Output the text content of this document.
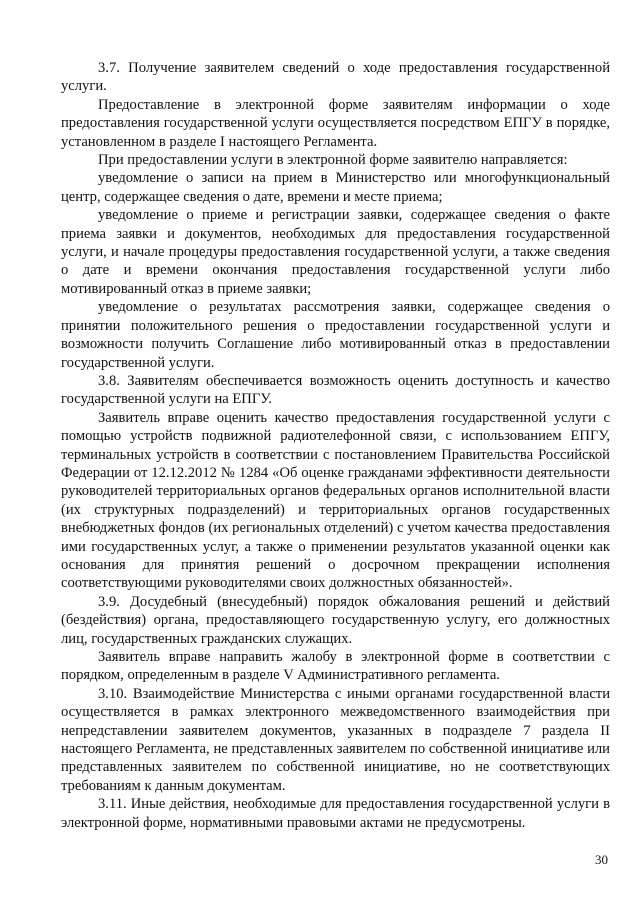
3.7. Получение заявителем сведений о ходе предоставления государственной услуги.

Предоставление в электронной форме заявителям информации о ходе предоставления государственной услуги осуществляется посредством ЕПГУ в порядке, установленном в разделе I настоящего Регламента.

При предоставлении услуги в электронной форме заявителю направляется:

уведомление о записи на прием в Министерство или многофункциональный центр, содержащее сведения о дате, времени и месте приема;

уведомление о приеме и регистрации заявки, содержащее сведения о факте приема заявки и документов, необходимых для предоставления государственной услуги, и начале процедуры предоставления государственной услуги, а также сведения о дате и времени окончания предоставления государственной услуги либо мотивированный отказ в приеме заявки;

уведомление о результатах рассмотрения заявки, содержащее сведения о принятии положительного решения о предоставлении государственной услуги и возможности получить Соглашение либо мотивированный отказ в предоставлении государственной услуги.

3.8. Заявителям обеспечивается возможность оценить доступность и качество государственной услуги на ЕПГУ.

Заявитель вправе оценить качество предоставления государственной услуги с помощью устройств подвижной радиотелефонной связи, с использованием ЕПГУ, терминальных устройств в соответствии с постановлением Правительства Российской Федерации от 12.12.2012 № 1284 «Об оценке гражданами эффективности деятельности руководителей территориальных органов федеральных органов исполнительной власти (их структурных подразделений) и территориальных органов государственных внебюджетных фондов (их региональных отделений) с учетом качества предоставления ими государственных услуг, а также о применении результатов указанной оценки как основания для принятия решений о досрочном прекращении исполнения соответствующими руководителями своих должностных обязанностей».

3.9. Досудебный (внесудебный) порядок обжалования решений и действий (бездействия) органа, предоставляющего государственную услугу, его должностных лиц, государственных гражданских служащих.

Заявитель вправе направить жалобу в электронной форме в соответствии с порядком, определенным в разделе V Административного регламента.

3.10. Взаимодействие Министерства с иными органами государственной власти осуществляется в рамках электронного межведомственного взаимодействия при непредставлении заявителем документов, указанных в подразделе 7 раздела II настоящего Регламента, не представленных заявителем по собственной инициативе или представленных заявителем по собственной инициативе, но не соответствующих требованиям к данным документам.

3.11. Иные действия, необходимые для предоставления государственной услуги в электронной форме, нормативными правовыми актами не предусмотрены.

30
